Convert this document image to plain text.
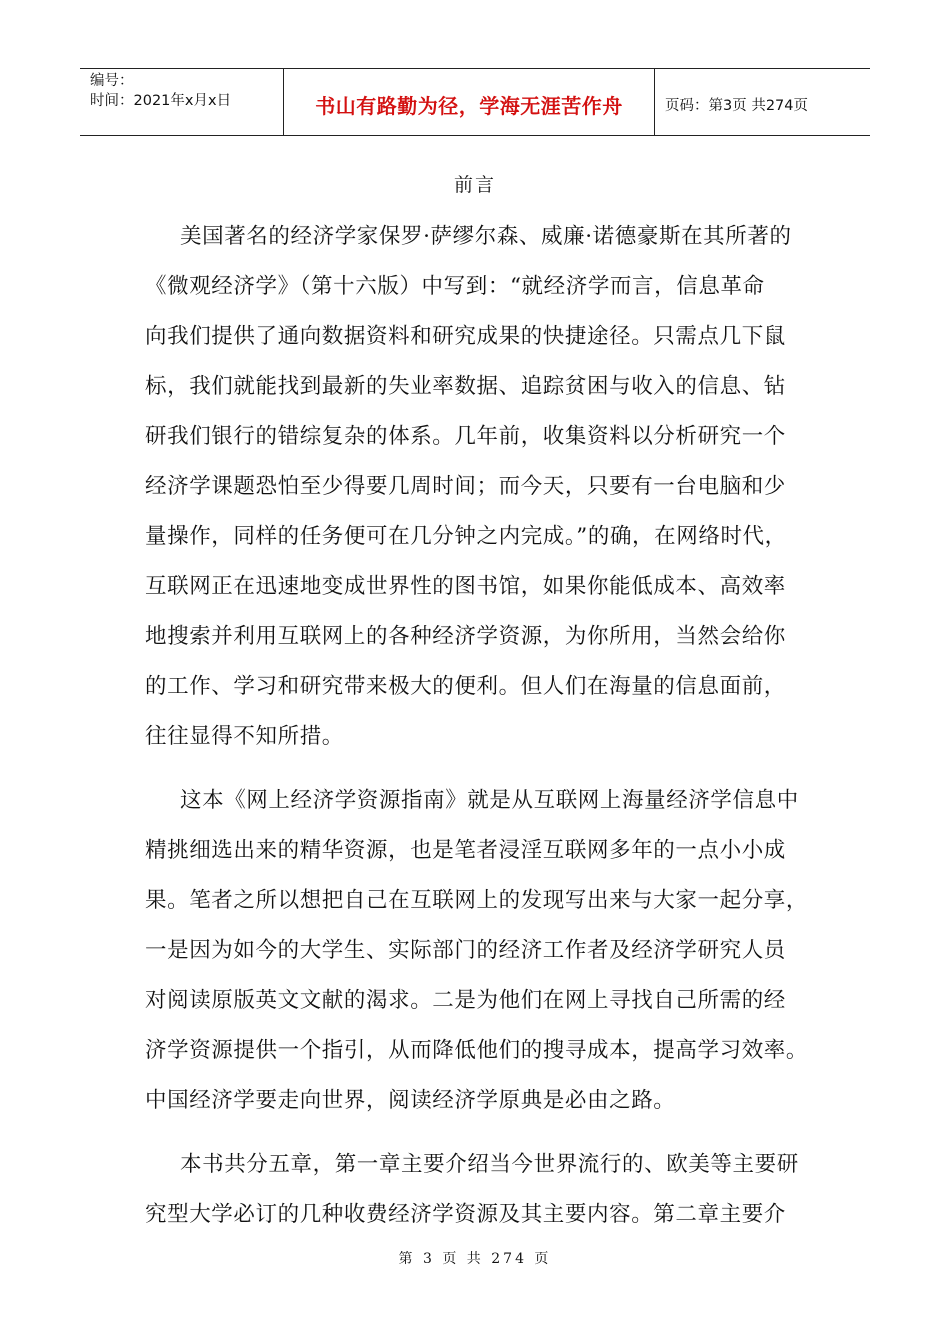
编号：
时间：2021年x月x日	书山有路勤为径，学海无涯苦作舟	页码：第3页 共274页
前言
美国著名的经济学家保罗·萨缪尔森、威廉·诺德豪斯在其所著的
《微观经济学》（第十六版）中写到：“就经济学而言，信息革命
向我们提供了通向数据资料和研究成果的快捷途径。只需点几下鼠
标，我们就能找到最新的失业率数据、追踪贫困与收入的信息、钻
研我们银行的错综复杂的体系。几年前，收集资料以分析研究一个
经济学课题恐怕至少得要几周时间；而今天，只要有一台电脑和少
量操作，同样的任务便可在几分钟之内完成。”的确，在网络时代，
互联网正在迅速地变成世界性的图书馆，如果你能低成本、高效率
地搜索并利用互联网上的各种经济学资源，为你所用，当然会给你
的工作、学习和研究带来极大的便利。但人们在海量的信息面前，
往往显得不知所措。
这本《网上经济学资源指南》就是从互联网上海量经济学信息中
精挑细选出来的精华资源，也是笔者浸淫互联网多年的一点小小成
果。笔者之所以想把自己在互联网上的发现写出来与大家一起分享，
一是因为如今的大学生、实际部门的经济工作者及经济学研究人员
对阅读原版英文文献的渴求。二是为他们在网上寻找自己所需的经
济学资源提供一个指引，从而降低他们的搜寻成本，提高学习效率。
中国经济学要走向世界，阅读经济学原典是必由之路。
本书共分五章，第一章主要介绍当今世界流行的、欧美等主要研
究型大学必订的几种收费经济学资源及其主要内容。第二章主要介
第 3 页 共 274 页
